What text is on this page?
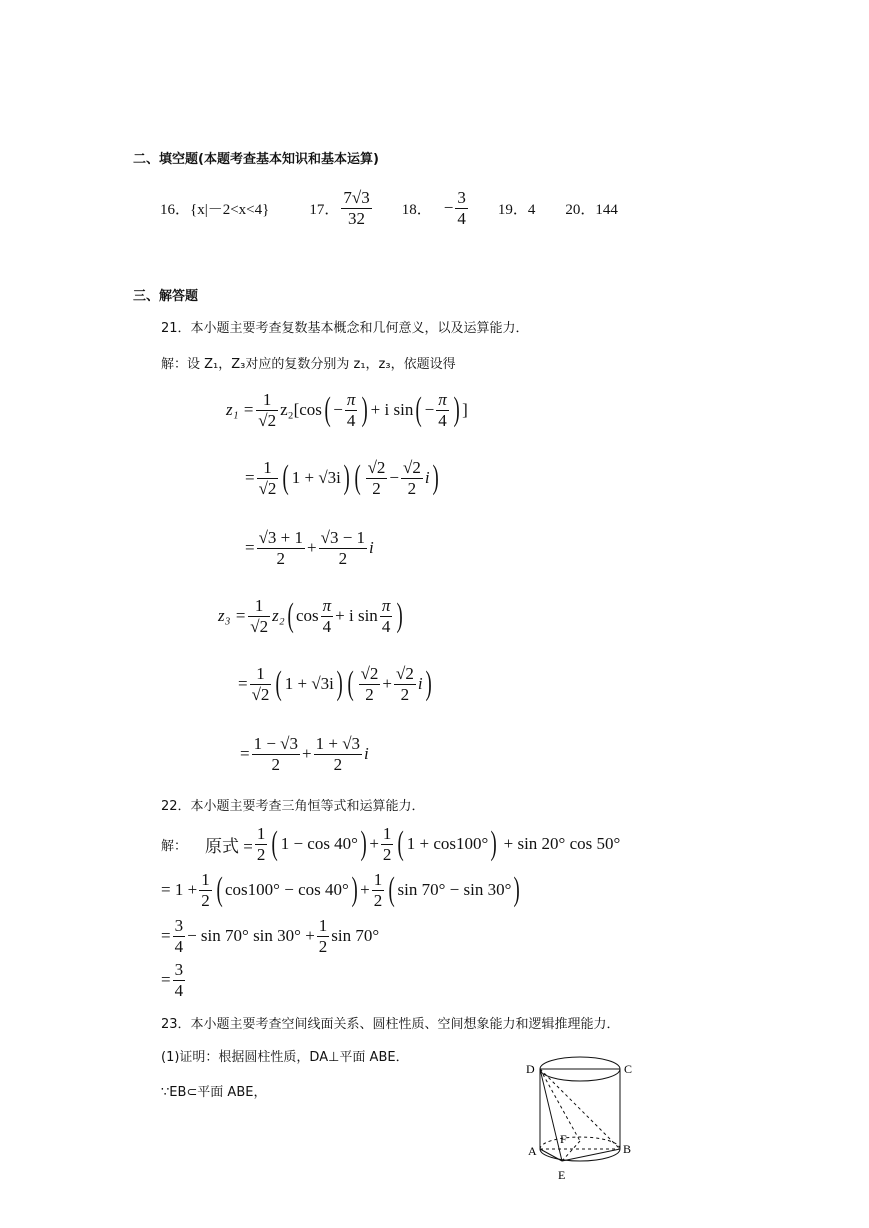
二、填空题(本题考查基本知识和基本运算)
16． {x|－2<x<4}	17． $\frac{7√3}{32} 18$． − $\frac{3}{4} 19$．4 20．144
三、解答题
21．本小题主要考查复数基本概念和几何意义，以及运算能力．
解：设 Z₁，Z₃对应的复数分别为 z₁，z₃，依题设得
$z_1 = \frac{1}{√2} z_2[\cos$ ( − $\frac{\pi}{4}$ ) + i sin ( − $\frac{\pi}{4}$ ) ]
= $\frac{1}{√2}$ ( 1 + √3i ) ( $\frac{√2}{2} - \frac{√2}{2}$ i )
= $\frac{√3 + 1}{2} + \frac{√3 - 1}{2}$ i
$z_3 = \frac{1}{√2} z_2$ ( $\cos \frac{\pi}{4} + i$ $\sin \frac{\pi}{4}$ )
= $\frac{1}{√2}$ ( 1 + √3i ) ( $\frac{√2}{2} + \frac{√2}{2}$ i )
= $\frac{1 - √3}{2} + \frac{1 + √3}{2}$ i
22．本小题主要考查三角恒等式和运算能力．
解： 原式 = $\frac{1}{2}$ ( 1 − cos 40° ) + $\frac{1}{2}$ ( 1 + cos100° ) + sin 20° cos 50°
= $1 + \frac{1}{2}$ ( cos100° − cos 40° ) + $\frac{1}{2}$ ( sin 70° − sin 30° )
= $\frac{3}{4} - \sin 70^\circ$ $\sin 30^\circ + \frac{1}{2}$ sin 70°
= $\frac{3}{4}$
23．本小题主要考查空间线面关系、圆柱性质、空间想象能力和逻辑推理能力．
(1)证明：根据圆柱性质，DA⊥平面 ABE．
∵EB⊂平面 ABE，
D	C
F
A	B
E
